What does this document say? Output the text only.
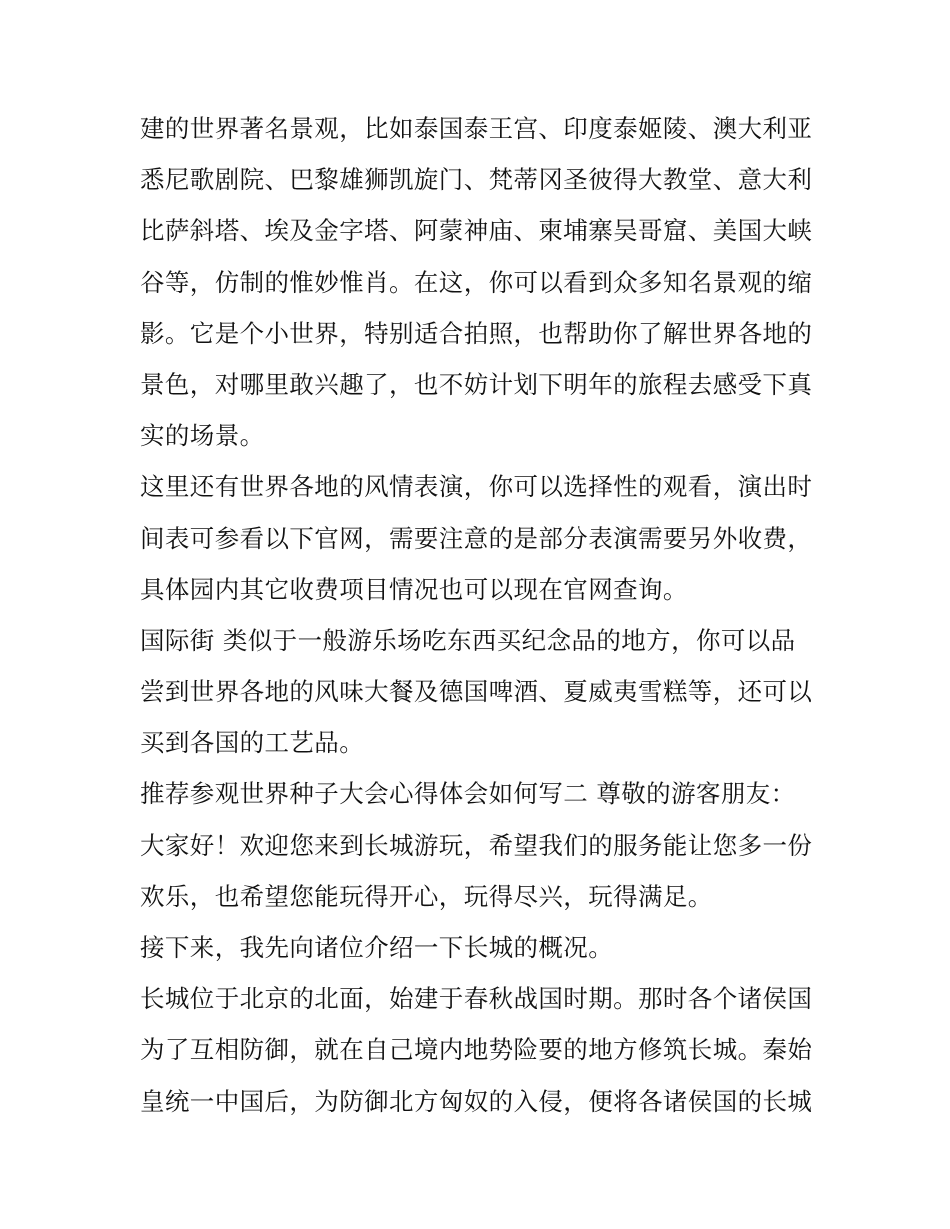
建的世界著名景观，比如泰国泰王宫、印度泰姬陵、澳大利亚
悉尼歌剧院、巴黎雄狮凯旋门、梵蒂冈圣彼得大教堂、意大利
比萨斜塔、埃及金字塔、阿蒙神庙、柬埔寨吴哥窟、美国大峡
谷等，仿制的惟妙惟肖。在这，你可以看到众多知名景观的缩
影。它是个小世界，特别适合拍照，也帮助你了解世界各地的
景色，对哪里敢兴趣了，也不妨计划下明年的旅程去感受下真
实的场景。
这里还有世界各地的风情表演，你可以选择性的观看，演出时
间表可参看以下官网，需要注意的是部分表演需要另外收费，
具体园内其它收费项目情况也可以现在官网查询。
国际街 类似于一般游乐场吃东西买纪念品的地方，你可以品
尝到世界各地的风味大餐及德国啤酒、夏威夷雪糕等，还可以
买到各国的工艺品。
推荐参观世界种子大会心得体会如何写二 尊敬的游客朋友：
大家好！欢迎您来到长城游玩，希望我们的服务能让您多一份
欢乐，也希望您能玩得开心，玩得尽兴，玩得满足。
接下来，我先向诸位介绍一下长城的概况。
长城位于北京的北面，始建于春秋战国时期。那时各个诸侯国
为了互相防御，就在自己境内地势险要的地方修筑长城。秦始
皇统一中国后，为防御北方匈奴的入侵，便将各诸侯国的长城
